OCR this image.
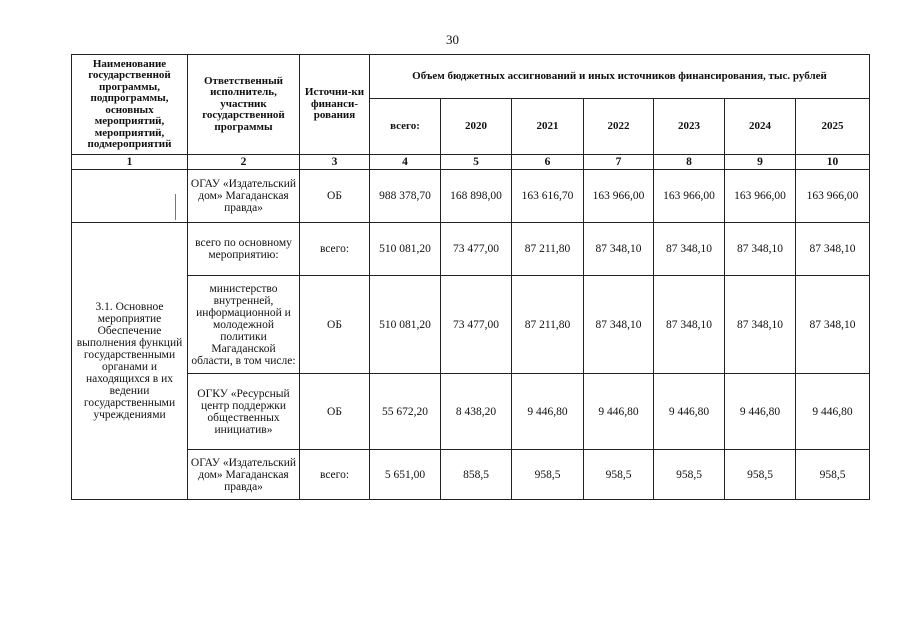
30
Наименование государственной программы, подпрограммы, основных мероприятий, мероприятий, подмероприятий	Ответственный исполнитель, участник государственной программы	Источни-ки финанси-рования	Объем бюджетных ассигнований и иных источников финансирования, тыс. рублей						
			всего:	2020	2021	2022	2023	2024	2025
1	2	3	4	5	6	7	8	9	10
	ОГАУ «Издательский дом» Магаданская правда»	ОБ	988 378,70	168 898,00	163 616,70	163 966,00	163 966,00	163 966,00	163 966,00
3.1. Основное мероприятие Обеспечение выполнения функций государственными органами и находящихся в их ведении государственными учреждениями	всего по основному мероприятию:	всего:	510 081,20	73 477,00	87 211,80	87 348,10	87 348,10	87 348,10	87 348,10
	министерство внутренней, информационной и молодежной политики Магаданской области, в том числе:	ОБ	510 081,20	73 477,00	87 211,80	87 348,10	87 348,10	87 348,10	87 348,10
	ОГКУ «Ресурсный центр поддержки общественных инициатив»	ОБ	55 672,20	8 438,20	9 446,80	9 446,80	9 446,80	9 446,80	9 446,80
	ОГАУ «Издательский дом» Магаданская правда»	всего:	5 651,00	858,5	958,5	958,5	958,5	958,5	958,5
